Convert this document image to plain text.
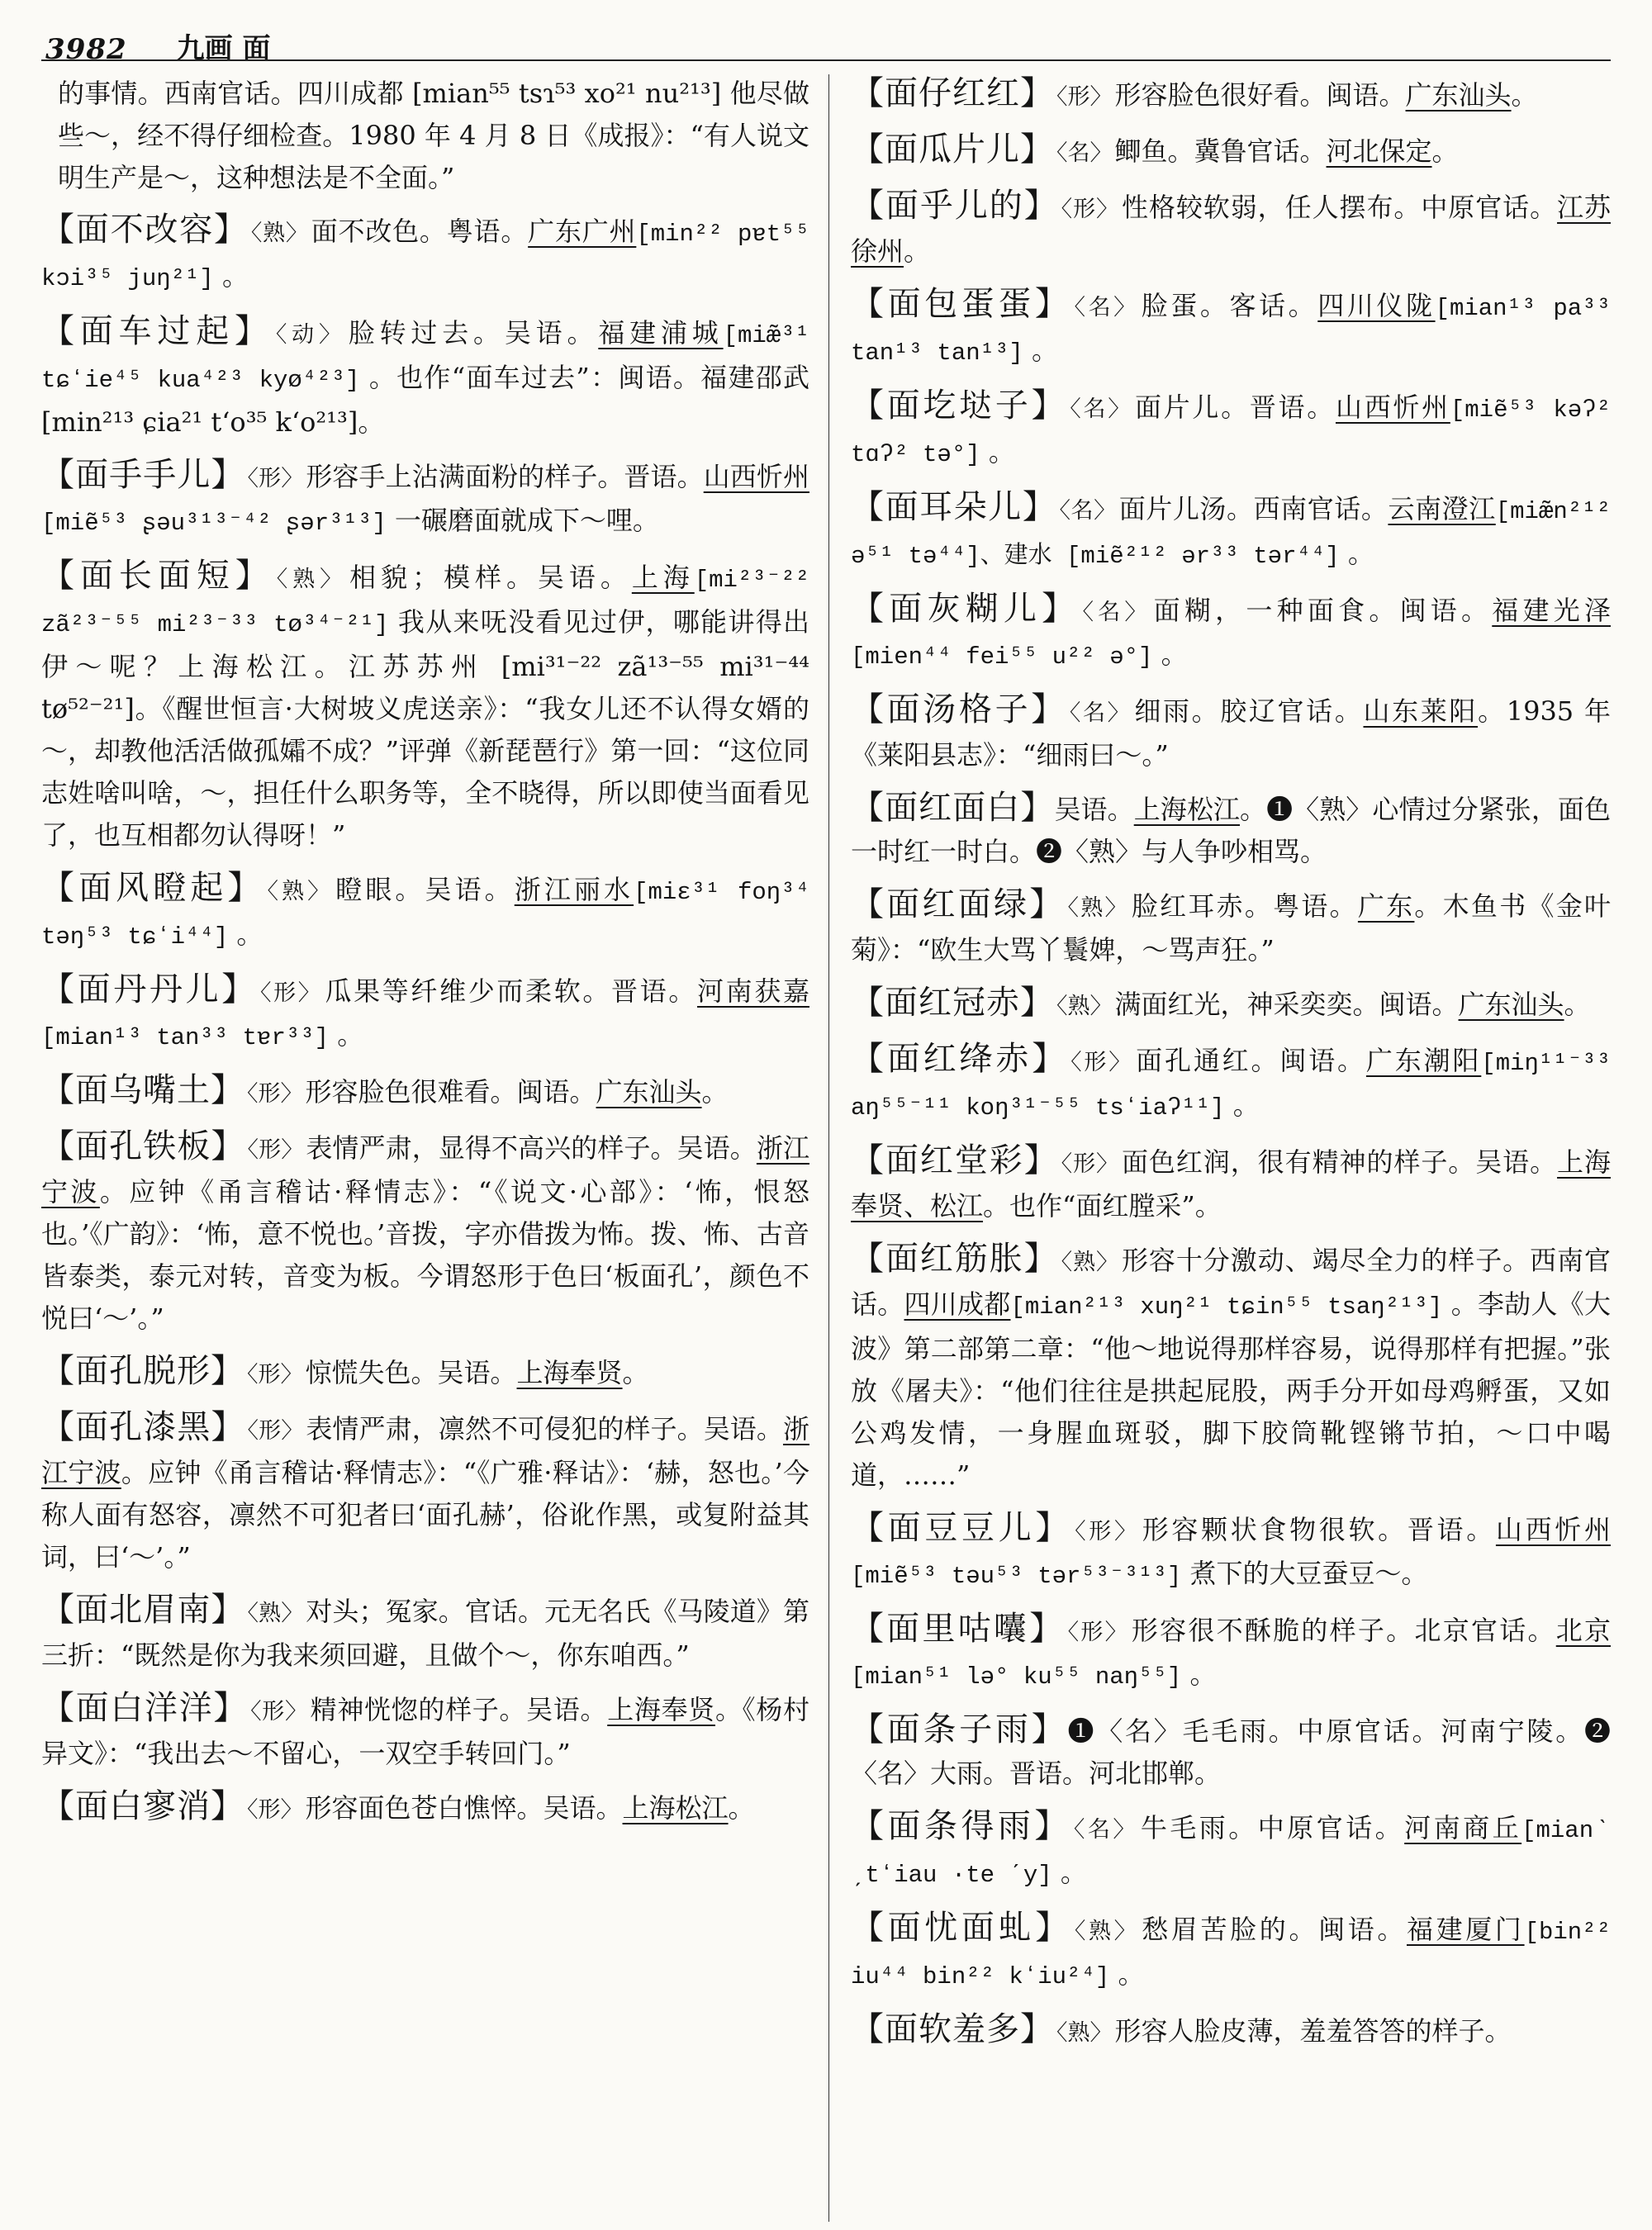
3982 九画 面
的事情。西南官话。四川成都 [mian⁵⁵ tsɿ⁵³ xo²¹ nu²¹³] 他尽做些～，经不得仔细检查。1980 年 4 月 8 日《成报》：“有人说文明生产是～，这种想法是不全面。”
【面不改容】 〈熟〉面不改色。粤语。广东广州[min²² pɐt⁵⁵ kɔi³⁵ juŋ²¹] 。
【面车过起】 〈动〉脸转过去。吴语。福建浦城[miæ̃³¹ tɕʻie⁴⁵ kua⁴²³ kyø⁴²³] 。也作“面车过去”：闽语。福建邵武 [min²¹³ ɕia²¹ tʻo³⁵ kʻo²¹³]。
【面手手儿】 〈形〉形容手上沾满面粉的样子。晋语。山西忻州[miẽ⁵³ ʂəu³¹³⁻⁴² ʂər³¹³] 一碾磨面就成下～哩。
【面长面短】 〈熟〉相貌；模样。吴语。上海[mi²³⁻²² zã²³⁻⁵⁵ mi²³⁻³³ tø³⁴⁻²¹] 我从来呒没看见过伊，哪能讲得出伊～呢？上海松江。江苏苏州 [mi³¹⁻²² zã¹³⁻⁵⁵ mi³¹⁻⁴⁴ tø⁵²⁻²¹]。《醒世恒言·大树坡义虎送亲》：“我女儿还不认得女婿的～，却教他活活做孤孀不成？”评弹《新琵琶行》第一回：“这位同志姓啥叫啥，～，担任什么职务等，全不晓得，所以即使当面看见了，也互相都勿认得呀！”
【面风瞪起】 〈熟〉瞪眼。吴语。浙江丽水[miɛ³¹ foŋ³⁴ təŋ⁵³ tɕʻi⁴⁴] 。
【面丹丹儿】 〈形〉瓜果等纤维少而柔软。晋语。河南获嘉[mian¹³ tan³³ tɐr³³] 。
【面乌嘴土】 〈形〉形容脸色很难看。闽语。广东汕头。
【面孔铁板】 〈形〉表情严肃，显得不高兴的样子。吴语。浙江宁波。应钟《甬言稽诂·释情志》：“《说文·心部》：‘怖，恨怒也。’《广韵》：‘怖，意不悦也。’音拨，字亦借拨为怖。拨、怖、古音皆泰类，泰元对转，音变为板。今谓怒形于色曰‘板面孔’，颜色不悦曰‘～’。”
【面孔脱形】 〈形〉惊慌失色。吴语。上海奉贤。
【面孔漆黑】 〈形〉表情严肃，凛然不可侵犯的样子。吴语。浙江宁波。应钟《甬言稽诂·释情志》：“《广雅·释诂》：‘赫，怒也。’今称人面有怒容，凛然不可犯者曰‘面孔赫’，俗讹作黑，或复附益其词，曰‘～’。”
【面北眉南】 〈熟〉对头；冤家。官话。元无名氏《马陵道》第三折：“既然是你为我来须回避，且做个～，你东咱西。”
【面白洋洋】 〈形〉精神恍惚的样子。吴语。上海奉贤。《杨村异文》：“我出去～不留心，一双空手转回门。”
【面白寥消】 〈形〉形容面色苍白憔悴。吴语。上海松江。
【面仔红红】 〈形〉形容脸色很好看。闽语。广东汕头。
【面瓜片儿】 〈名〉鲫鱼。冀鲁官话。河北保定。
【面乎儿的】 〈形〉性格较软弱，任人摆布。中原官话。江苏徐州。
【面包蛋蛋】 〈名〉脸蛋。客话。四川仪陇[mian¹³ pa³³ tan¹³ tan¹³] 。
【面圪垯子】 〈名〉面片儿。晋语。山西忻州[miẽ⁵³ kəʔ² tɑʔ² tə°] 。
【面耳朵儿】 〈名〉面片儿汤。西南官话。云南澄江[miæ̃n²¹² ə⁵¹ tə⁴⁴]、建水 [miẽ²¹² ər³³ tər⁴⁴] 。
【面灰糊儿】 〈名〉面糊，一种面食。闽语。福建光泽[mien⁴⁴ fei⁵⁵ u²² ə°] 。
【面汤格子】 〈名〉细雨。胶辽官话。山东莱阳。1935 年《莱阳县志》：“细雨曰～。”
【面红面白】吴语。上海松江。❶〈熟〉心情过分紧张，面色一时红一时白。❷〈熟〉与人争吵相骂。
【面红面绿】 〈熟〉脸红耳赤。粤语。广东。木鱼书《金叶菊》：“欧生大骂丫鬟婢，～骂声狂。”
【面红冠赤】 〈熟〉满面红光，神采奕奕。闽语。广东汕头。
【面红绛赤】 〈形〉面孔通红。闽语。广东潮阳[miŋ¹¹⁻³³ aŋ⁵⁵⁻¹¹ koŋ³¹⁻⁵⁵ tsʻiaʔ¹¹] 。
【面红堂彩】 〈形〉面色红润，很有精神的样子。吴语。上海奉贤、松江。也作“面红膛采”。
【面红筋胀】 〈熟〉形容十分激动、竭尽全力的样子。西南官话。四川成都[mian²¹³ xuŋ²¹ tɕin⁵⁵ tsaŋ²¹³] 。李劼人《大波》第二部第二章：“他～地说得那样容易，说得那样有把握。”张放《屠夫》：“他们往往是拱起屁股，两手分开如母鸡孵蛋，又如公鸡发情，一身腥血斑驳，脚下胶筒靴铿锵节拍，～口中喝道，……”
【面豆豆儿】 〈形〉形容颗状食物很软。晋语。山西忻州[miẽ⁵³ təu⁵³ tər⁵³⁻³¹³] 煮下的大豆蚕豆～。
【面里咕囔】 〈形〉形容很不酥脆的样子。北京官话。北京[mian⁵¹ lə° ku⁵⁵ naŋ⁵⁵] 。
【面条子雨】❶〈名〉毛毛雨。中原官话。河南宁陵。❷〈名〉大雨。晋语。河北邯郸。
【面条得雨】 〈名〉牛毛雨。中原官话。河南商丘[mianˋ ˏtʻiau ·te ˊy] 。
【面忧面虬】 〈熟〉愁眉苦脸的。闽语。福建厦门[bin²² iu⁴⁴ bin²² kʻiu²⁴] 。
【面软羞多】 〈熟〉形容人脸皮薄，羞羞答答的样子。
